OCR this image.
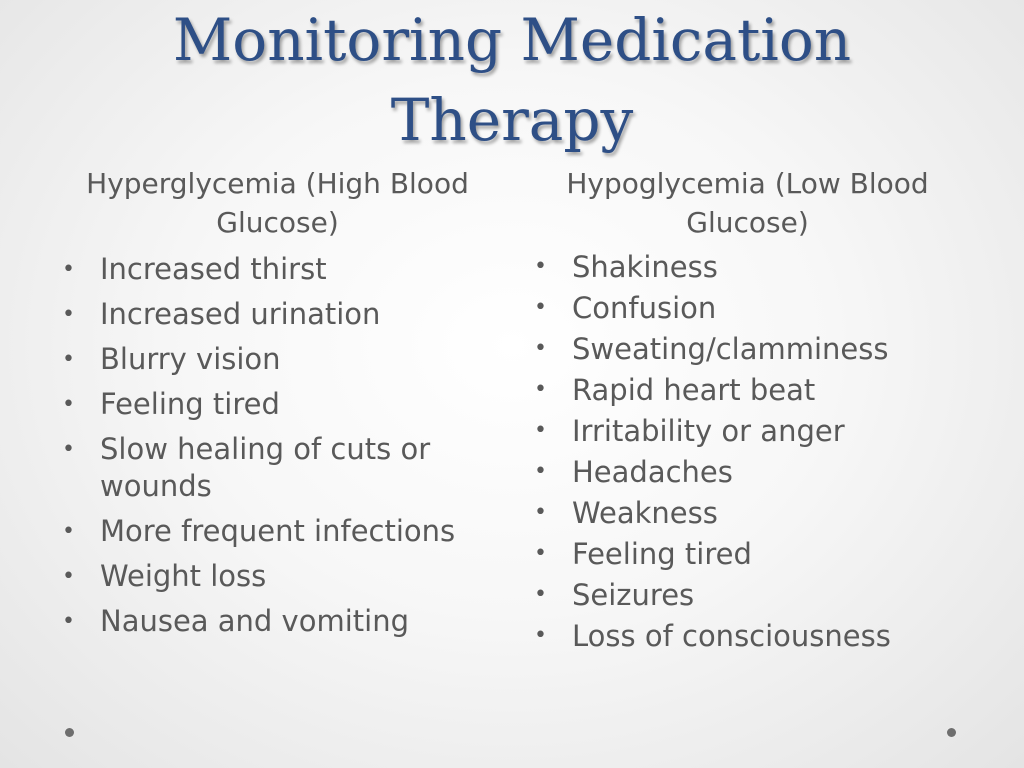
Monitoring Medication Therapy
Hyperglycemia (High Blood Glucose)
Hypoglycemia (Low Blood Glucose)
• Increased thirst
• Increased urination
• Blurry vision
• Feeling tired
• Slow healing of cuts or wounds
• More frequent infections
• Weight loss
• Nausea and vomiting
• Shakiness
• Confusion
• Sweating/clamminess
• Rapid heart beat
• Irritability or anger
• Headaches
• Weakness
• Feeling tired
• Seizures
• Loss of consciousness
